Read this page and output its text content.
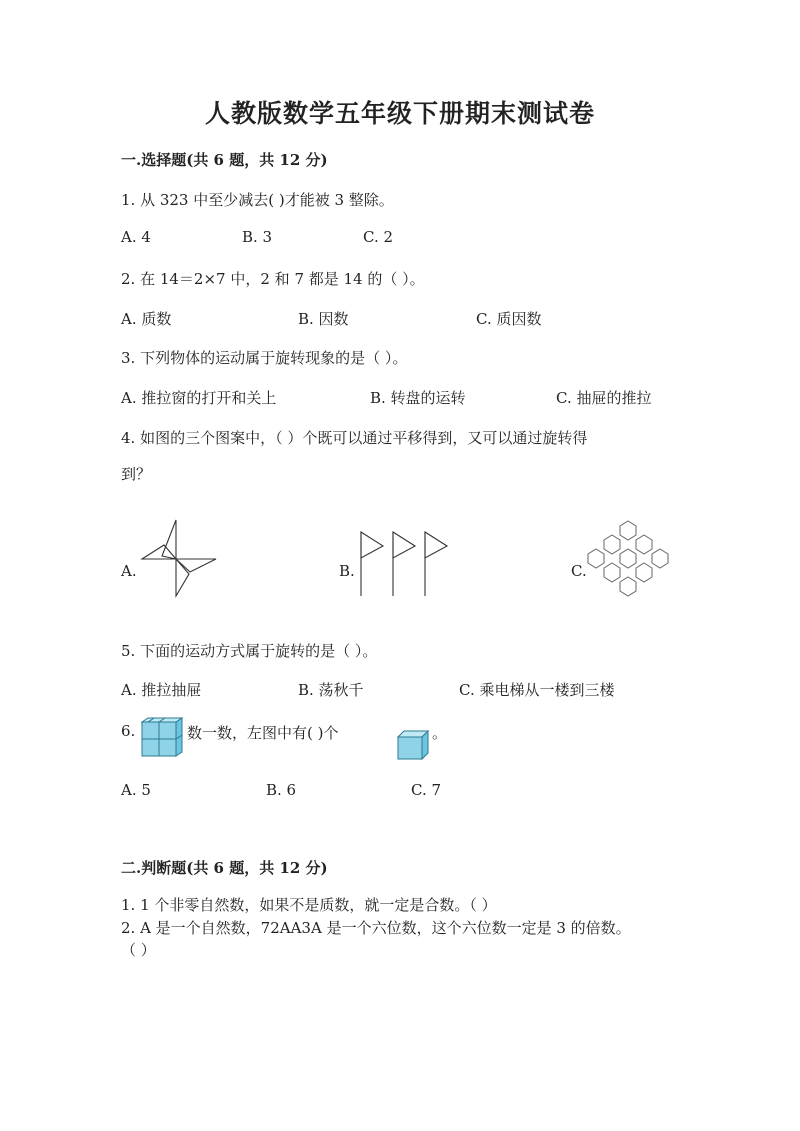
人教版数学五年级下册期末测试卷
一.选择题(共 6 题，共 12 分)
1. 从 323 中至少减去( )才能被 3 整除。
A. 4	B. 3	C. 2
2. 在 14＝2×7 中，2 和 7 都是 14 的（ ）。
A. 质数	B. 因数	C. 质因数
3. 下列物体的运动属于旋转现象的是（ ）。
A. 推拉窗的打开和关上	B. 转盘的运转	C. 抽屉的推拉
4. 如图的三个图案中，（ ）个既可以通过平移得到，又可以通过旋转得
到？
A.	B.	C.
5. 下面的运动方式属于旋转的是（ ）。
A. 推拉抽屉	B. 荡秋千	C. 乘电梯从一楼到三楼
6.	数一数，左图中有( )个	。
A. 5	B. 6	C. 7
二.判断题(共 6 题，共 12 分)
1. 1 个非零自然数，如果不是质数，就一定是合数。（ ）
2. A 是一个自然数，72AA3A 是一个六位数，这个六位数一定是 3 的倍数。
（ ）
